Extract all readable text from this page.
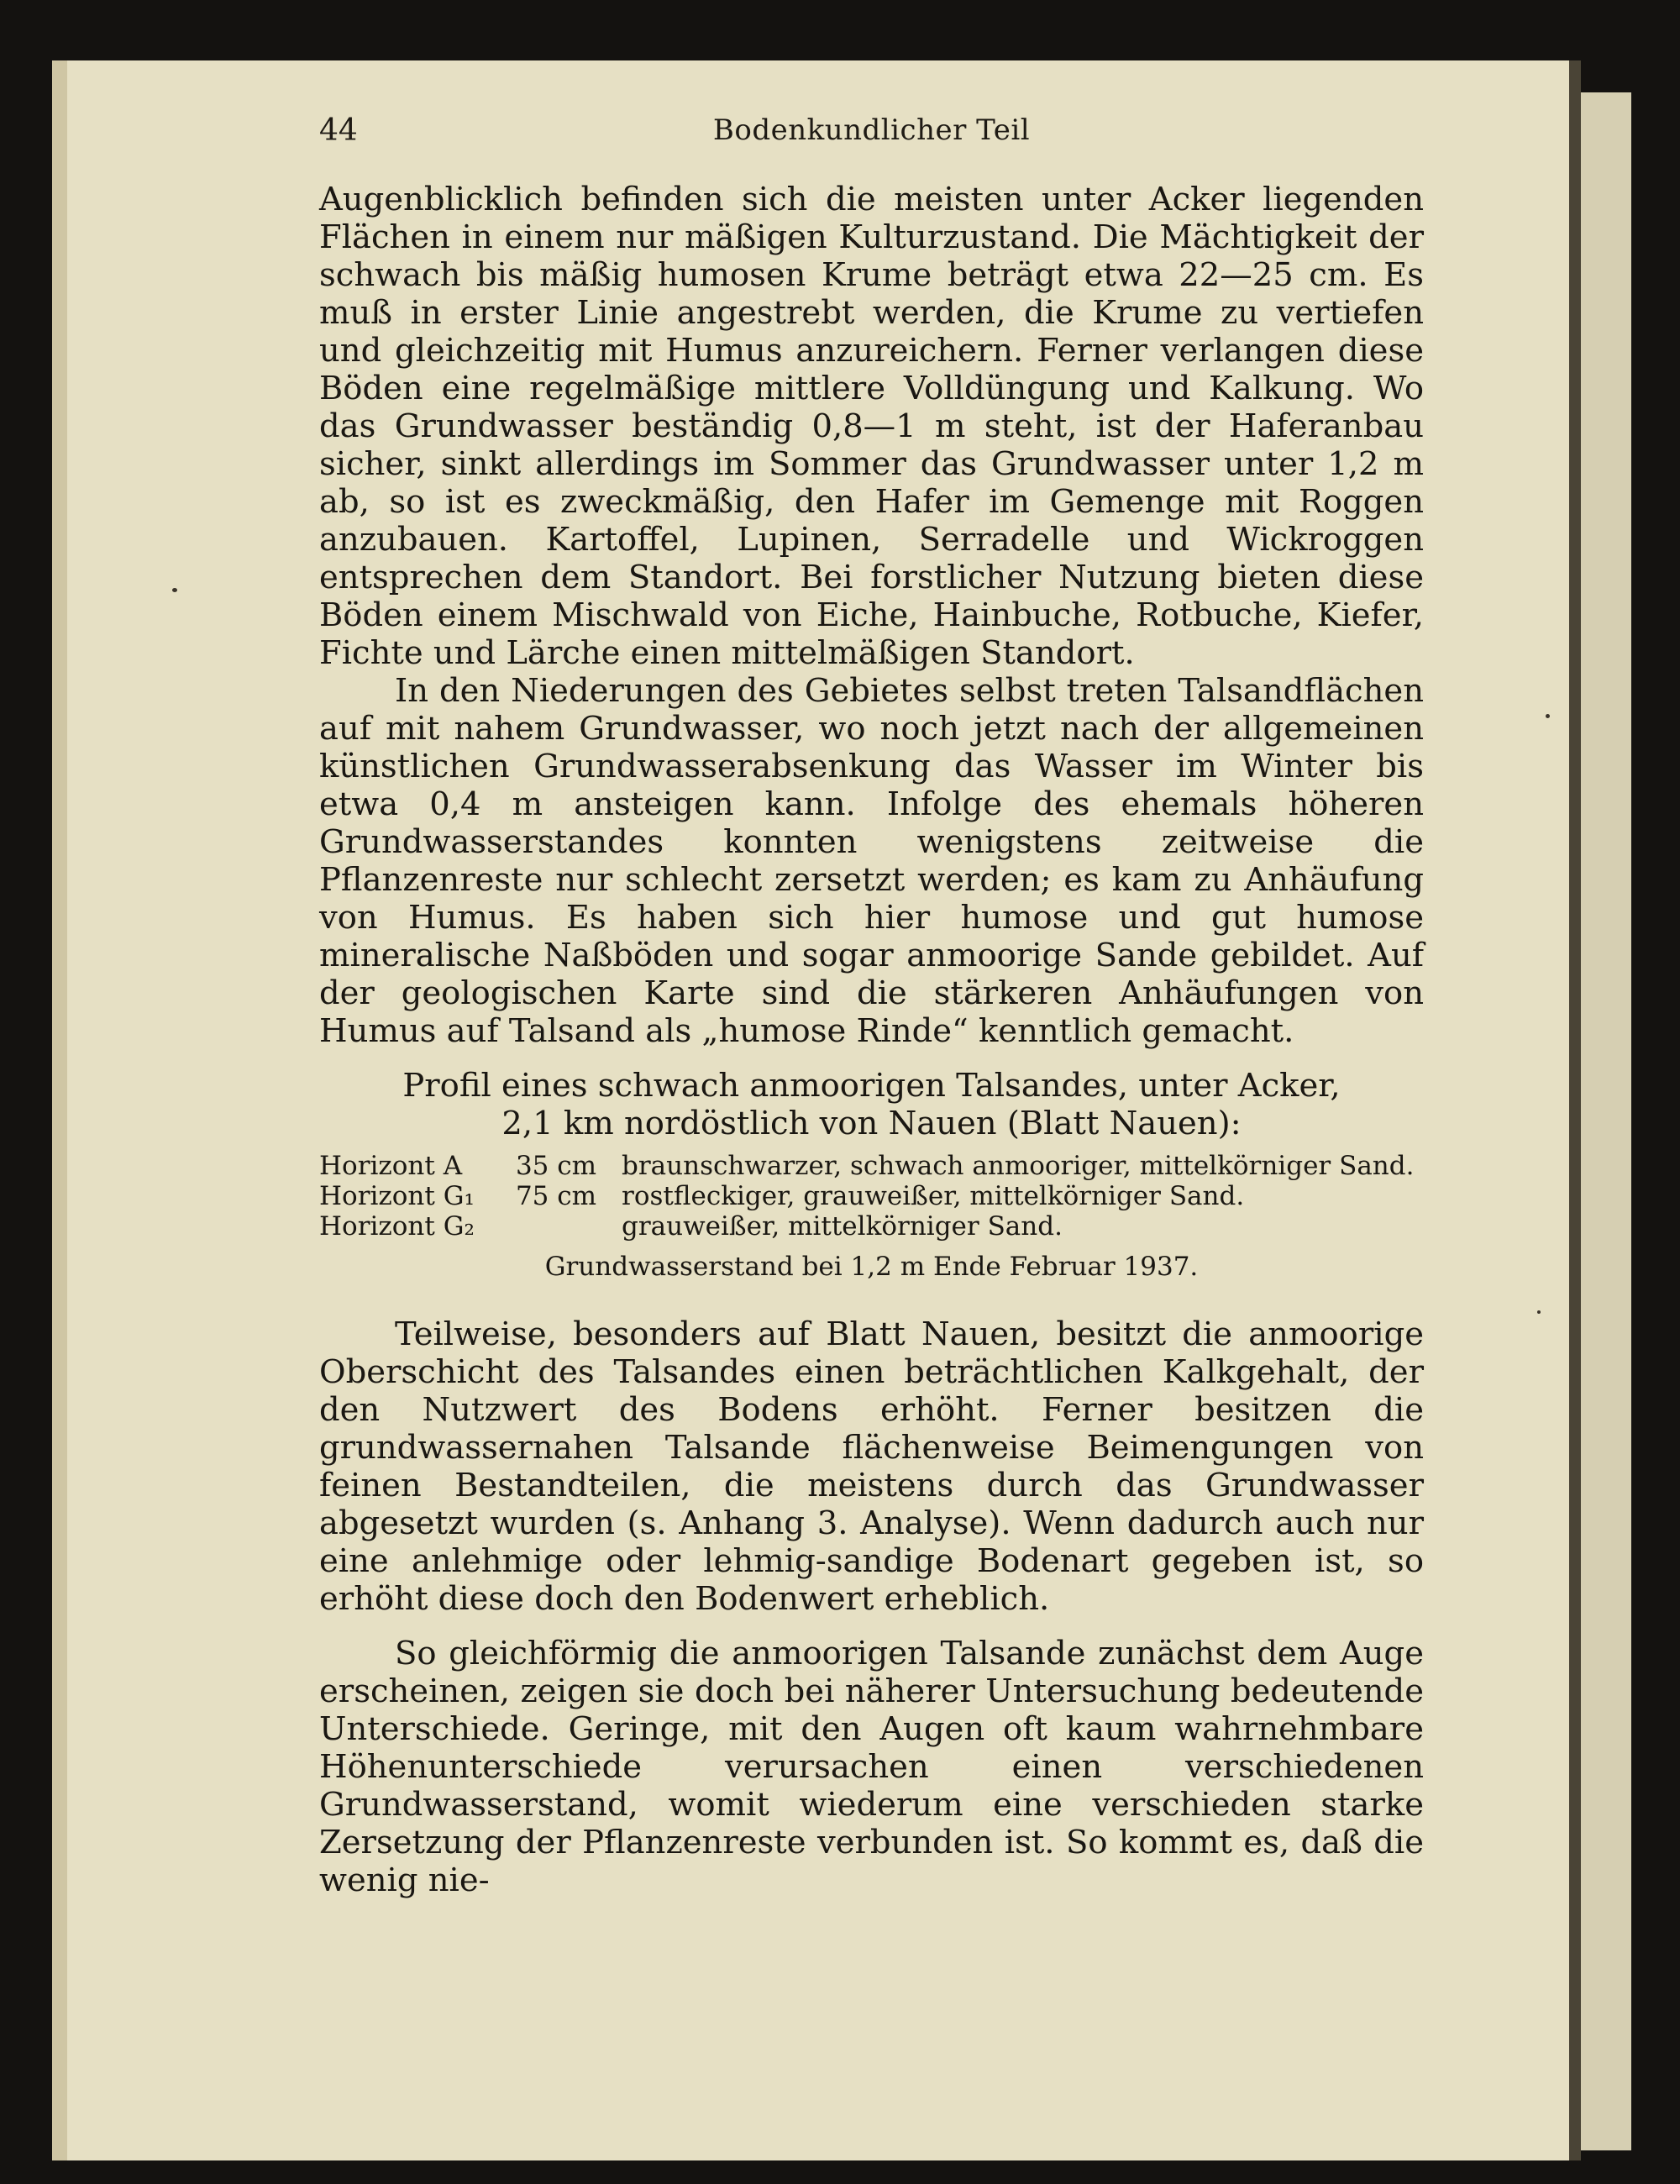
44	Bodenkundlicher Teil

Augenblicklich befinden sich die meisten unter Acker liegenden Flächen in einem nur mäßigen Kulturzustand. Die Mächtigkeit der schwach bis mäßig humosen Krume beträgt etwa 22—25 cm. Es muß in erster Linie angestrebt werden, die Krume zu vertiefen und gleichzeitig mit Humus anzureichern. Ferner verlangen diese Böden eine regelmäßige mittlere Volldüngung und Kalkung. Wo das Grundwasser beständig 0,8—1 m steht, ist der Haferanbau sicher, sinkt allerdings im Sommer das Grundwasser unter 1,2 m ab, so ist es zweckmäßig, den Hafer im Gemenge mit Roggen anzubauen. Kartoffel, Lupinen, Serradelle und Wickroggen entsprechen dem Standort. Bei forstlicher Nutzung bieten diese Böden einem Mischwald von Eiche, Hainbuche, Rotbuche, Kiefer, Fichte und Lärche einen mittelmäßigen Standort.

In den Niederungen des Gebietes selbst treten Talsandflächen auf mit nahem Grundwasser, wo noch jetzt nach der allgemeinen künstlichen Grundwasserabsenkung das Wasser im Winter bis etwa 0,4 m ansteigen kann. Infolge des ehemals höheren Grundwasserstandes konnten wenigstens zeitweise die Pflanzenreste nur schlecht zersetzt werden; es kam zu Anhäufung von Humus. Es haben sich hier humose und gut humose mineralische Naßböden und sogar anmoorige Sande gebildet. Auf der geologischen Karte sind die stärkeren Anhäufungen von Humus auf Talsand als „humose Rinde“ kenntlich gemacht.

Profil eines schwach anmoorigen Talsandes, unter Acker,
2,1 km nordöstlich von Nauen (Blatt Nauen):
Horizont A	35 cm braunschwarzer, schwach anmooriger, mittelkörniger Sand.
Horizont G₁	75 cm rostfleckiger, grauweißer, mittelkörniger Sand.
Horizont G₂	grauweißer, mittelkörniger Sand.
Grundwasserstand bei 1,2 m Ende Februar 1937.

Teilweise, besonders auf Blatt Nauen, besitzt die anmoorige Oberschicht des Talsandes einen beträchtlichen Kalkgehalt, der den Nutzwert des Bodens erhöht. Ferner besitzen die grundwassernahen Talsande flächenweise Beimengungen von feinen Bestandteilen, die meistens durch das Grundwasser abgesetzt wurden (s. Anhang 3. Analyse). Wenn dadurch auch nur eine anlehmige oder lehmig-sandige Bodenart gegeben ist, so erhöht diese doch den Bodenwert erheblich.

So gleichförmig die anmoorigen Talsande zunächst dem Auge erscheinen, zeigen sie doch bei näherer Untersuchung bedeutende Unterschiede. Geringe, mit den Augen oft kaum wahrnehmbare Höhenunterschiede verursachen einen verschiedenen Grundwasserstand, womit wiederum eine verschieden starke Zersetzung der Pflanzenreste verbunden ist. So kommt es, daß die wenig nie-
